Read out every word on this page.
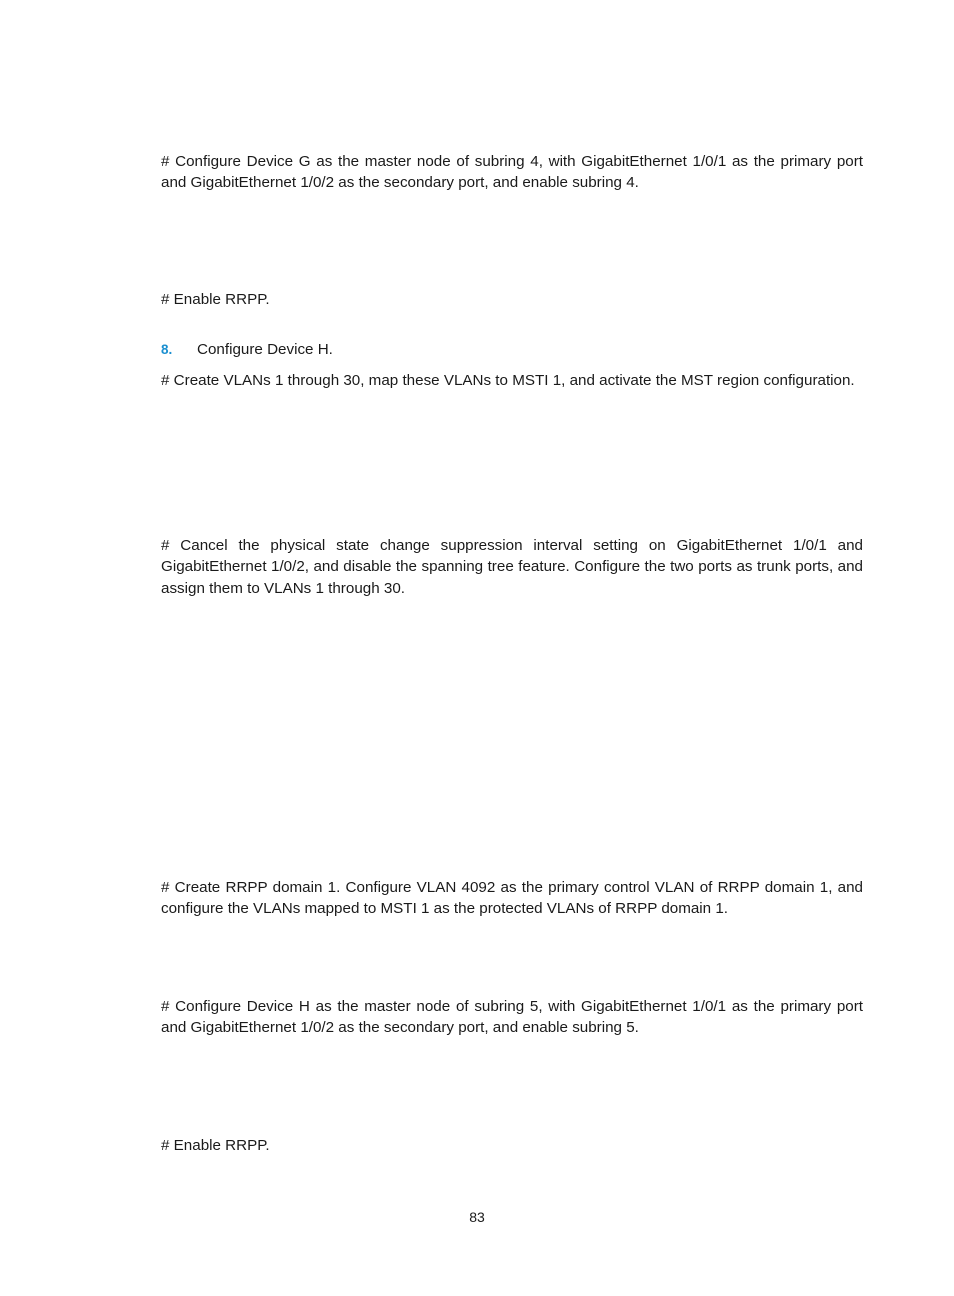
# Configure Device G as the master node of subring 4, with GigabitEthernet 1/0/1 as the primary port and GigabitEthernet 1/0/2 as the secondary port, and enable subring 4.

# Enable RRPP.

8.	Configure Device H.

# Create VLANs 1 through 30, map these VLANs to MSTI 1, and activate the MST region configuration.

# Cancel the physical state change suppression interval setting on GigabitEthernet 1/0/1 and GigabitEthernet 1/0/2, and disable the spanning tree feature. Configure the two ports as trunk ports, and assign them to VLANs 1 through 30.

# Create RRPP domain 1. Configure VLAN 4092 as the primary control VLAN of RRPP domain 1, and configure the VLANs mapped to MSTI 1 as the protected VLANs of RRPP domain 1.

# Configure Device H as the master node of subring 5, with GigabitEthernet 1/0/1 as the primary port and GigabitEthernet 1/0/2 as the secondary port, and enable subring 5.

# Enable RRPP.

83
